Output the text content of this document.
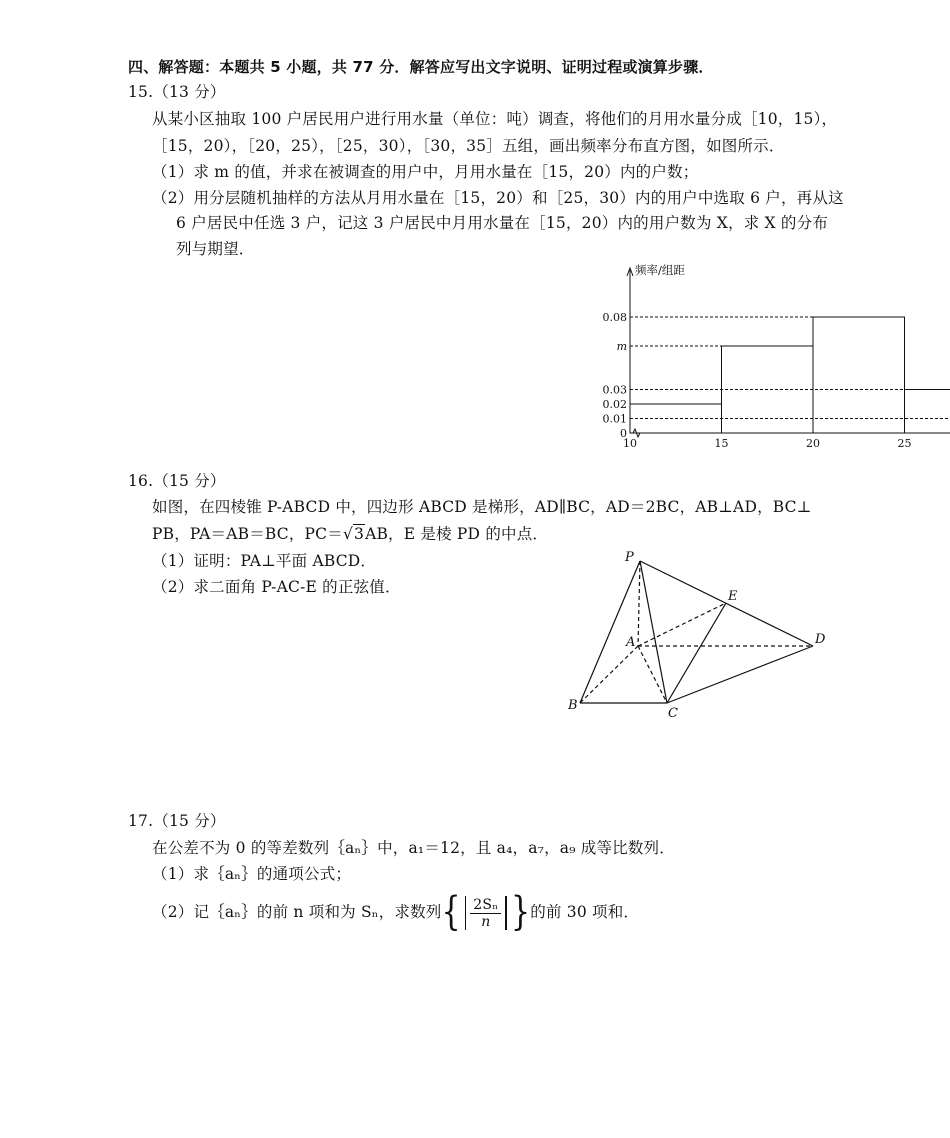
四、解答题：本题共 5 小题，共 77 分．解答应写出文字说明、证明过程或演算步骤．
15.（13 分）
从某小区抽取 100 户居民用户进行用水量（单位：吨）调查，将他们的月用水量分成［10，15），
［15，20），［20，25），［25，30），［30，35］五组，画出频率分布直方图，如图所示．
（1）求 m 的值，并求在被调查的用户中，月用水量在［15，20）内的户数；
（2）用分层随机抽样的方法从月用水量在［15，20）和［25，30）内的用户中选取 6 户，再从这
6 户居民中任选 3 户，记这 3 户居民中月用水量在［15，20）内的用户数为 X，求 X 的分布
列与期望．
频率/组距
0
10	15	20	25
0.08
m
0.03
0.02
0.01
16.（15 分）
如图，在四棱锥 P-ABCD 中，四边形 ABCD 是梯形，AD∥BC，AD＝2BC，AB⊥AD，BC⊥
PB，PA＝AB＝BC，PC＝√3AB，E 是棱 PD 的中点．
（1）证明：PA⊥平面 ABCD．
（2）求二面角 P-AC-E 的正弦值．
P
E
A	D
B
C
17.（15 分）
在公差不为 0 的等差数列｛aₙ｝中，a₁＝12，且 a₄，a₇，a₉ 成等比数列．
（1）求｛aₙ｝的通项公式；
（2）记｛aₙ｝的前 n 项和为 Sₙ，求数列{ $\frac{\text{2Sₙ}}{n}$ }的前 30 项和．
